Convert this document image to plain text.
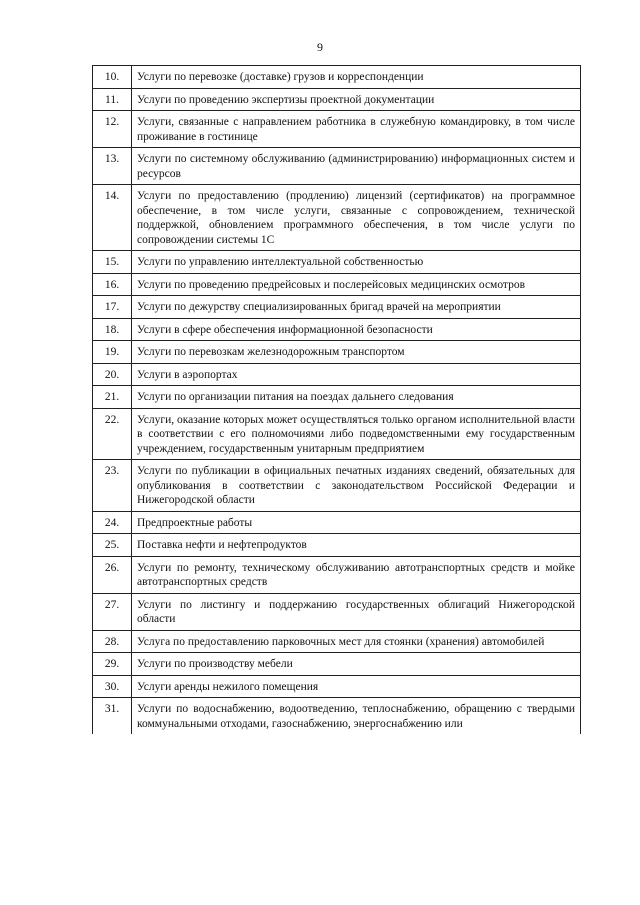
9
10.	Услуги по перевозке (доставке) грузов и корреспонденции
11.	Услуги по проведению экспертизы проектной документации
12.	Услуги, связанные с направлением работника в служебную командировку, в том числе проживание в гостинице
13.	Услуги по системному обслуживанию (администрированию) информационных систем и ресурсов
14.	Услуги по предоставлению (продлению) лицензий (сертификатов) на программное обеспечение, в том числе услуги, связанные с сопровождением, технической поддержкой, обновлением программного обеспечения, в том числе услуги по сопровождении системы 1С
15.	Услуги по управлению интеллектуальной собственностью
16.	Услуги по проведению предрейсовых и послерейсовых медицинских осмотров
17.	Услуги по дежурству специализированных бригад врачей на мероприятии
18.	Услуги в сфере обеспечения информационной безопасности
19.	Услуги по перевозкам железнодорожным транспортом
20.	Услуги в аэропортах
21.	Услуги по организации питания на поездах дальнего следования
22.	Услуги, оказание которых может осуществляться только органом исполнительной власти в соответствии с его полномочиями либо подведомственными ему государственным учреждением, государственным унитарным предприятием
23.	Услуги по публикации в официальных печатных изданиях сведений, обязательных для опубликования в соответствии с законодательством Российской Федерации и Нижегородской области
24.	Предпроектные работы
25.	Поставка нефти и нефтепродуктов
26.	Услуги по ремонту, техническому обслуживанию автотранспортных средств и мойке автотранспортных средств
27.	Услуги по листингу и поддержанию государственных облигаций Нижегородской области
28.	Услуга по предоставлению парковочных мест для стоянки (хранения) автомобилей
29.	Услуги по производству мебели
30.	Услуги аренды нежилого помещения
31.	Услуги по водоснабжению, водоотведению, теплоснабжению, обращению с твердыми коммунальными отходами, газоснабжению, энергоснабжению или
